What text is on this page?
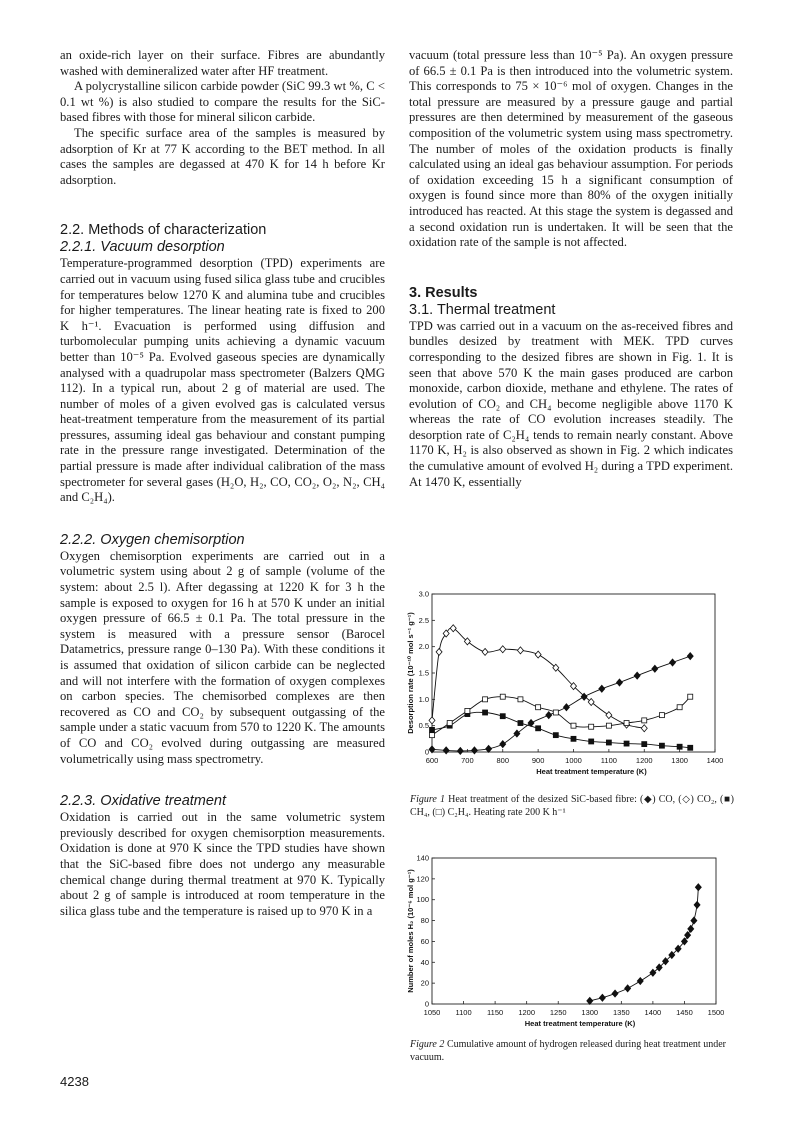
an oxide-rich layer on their surface. Fibres are abundantly washed with demineralized water after HF treatment.

A polycrystalline silicon carbide powder (SiC 99.3 wt %, C < 0.1 wt %) is also studied to compare the results for the SiC-based fibres with those for mineral silicon carbide.

The specific surface area of the samples is measured by adsorption of Kr at 77 K according to the BET method. In all cases the samples are degassed at 470 K for 14 h before Kr adsorption.

2.2. Methods of characterization
2.2.1. Vacuum desorption

Temperature-programmed desorption (TPD) experiments are carried out in vacuum using fused silica glass tube and crucibles for temperatures below 1270 K and alumina tube and crucibles for higher temperatures. The linear heating rate is fixed to 200 K h⁻¹. Evacuation is performed using diffusion and turbomolecular pumping units achieving a dynamic vacuum better than 10⁻⁵ Pa. Evolved gaseous species are dynamically analysed with a quadrupolar mass spectrometer (Balzers QMG 112). In a typical run, about 2 g of material are used. The number of moles of a given evolved gas is calculated versus heat-treatment temperature from the measurement of its partial pressures, assuming ideal gas behaviour and constant pumping rate in the pressure range investigated. Determination of the partial pressure is made after individual calibration of the mass spectrometer for several gases (H₂O, H₂, CO, CO₂, O₂, N₂, CH₄ and C₂H₄).

2.2.2. Oxygen chemisorption

Oxygen chemisorption experiments are carried out in a volumetric system using about 2 g of sample (volume of the system: about 2.5 l). After degassing at 1220 K for 3 h the sample is exposed to oxygen for 16 h at 570 K under an initial oxygen pressure of 66.5 ± 0.1 Pa. The total pressure in the system is measured with a pressure sensor (Barocel Datametrics, pressure range 0–130 Pa). With these conditions it is assumed that oxidation of silicon carbide can be neglected and will not interfere with the formation of oxygen complexes on carbon species. The chemisorbed complexes are then recovered as CO and CO₂ by subsequent outgassing of the sample under a static vacuum from 570 to 1220 K. The amounts of CO and CO₂ evolved during outgassing are measured volumetrically using mass spectrometry.

2.2.3. Oxidative treatment

Oxidation is carried out in the same volumetric system previously described for oxygen chemisorption measurements. Oxidation is done at 970 K since the TPD studies have shown that the SiC-based fibre does not undergo any measurable chemical change during thermal treatment at 970 K. Typically about 2 g of sample is introduced at room temperature in the silica glass tube and the temperature is raised up to 970 K in a

vacuum (total pressure less than 10⁻⁵ Pa). An oxygen pressure of 66.5 ± 0.1 Pa is then introduced into the volumetric system. This corresponds to 75 × 10⁻⁶ mol of oxygen. Changes in the total pressure are measured by a pressure gauge and partial pressures are then determined by measurement of the gaseous composition of the volumetric system using mass spectrometry. The number of moles of the oxidation products is finally calculated using an ideal gas behaviour assumption. For periods of oxidation exceeding 15 h a significant consumption of oxygen is found since more than 80% of the oxygen initially introduced has reacted. At this stage the system is degassed and a second oxidation run is undertaken. It will be seen that the oxidation rate of the sample is not affected.

3. Results
3.1. Thermal treatment

TPD was carried out in a vacuum on the as-received fibres and bundles desized by treatment with MEK. TPD curves corresponding to the desized fibres are shown in Fig. 1. It is seen that above 570 K the main gases produced are carbon monoxide, carbon dioxide, methane and ethylene. The rates of evolution of CO₂ and CH₄ become negligible above 1170 K whereas the rate of CO evolution increases steadily. The desorption rate of C₂H₄ tends to remain nearly constant. Above 1170 K, H₂ is also observed as shown in Fig. 2 which indicates the cumulative amount of evolved H₂ during a TPD experiment. At 1470 K, essentially

600	700	800	900	1000	1100	1200 1300 1400
0
0.5
1.0
1.5
2.0
2.5
3.0
Heat treatment temperature (K)
Desorption rate (10⁻¹⁰ mol s⁻¹ g⁻¹)
Figure 1 Heat treatment of the desized SiC-based fibre: (◆) CO, (◇) CO₂, (■) CH₄, (□) C₂H₄. Heating rate 200 K h⁻¹
1050 1100 1150 1200 1250 1300 1350 1400 1450 1500
0
20
40
60
80
100
120
140
Heat treatment temperature (K)
Number of moles H₂ (10⁻⁶ mol g⁻¹)
Figure 2 Cumulative amount of hydrogen released during heat treatment under vacuum.
4238
